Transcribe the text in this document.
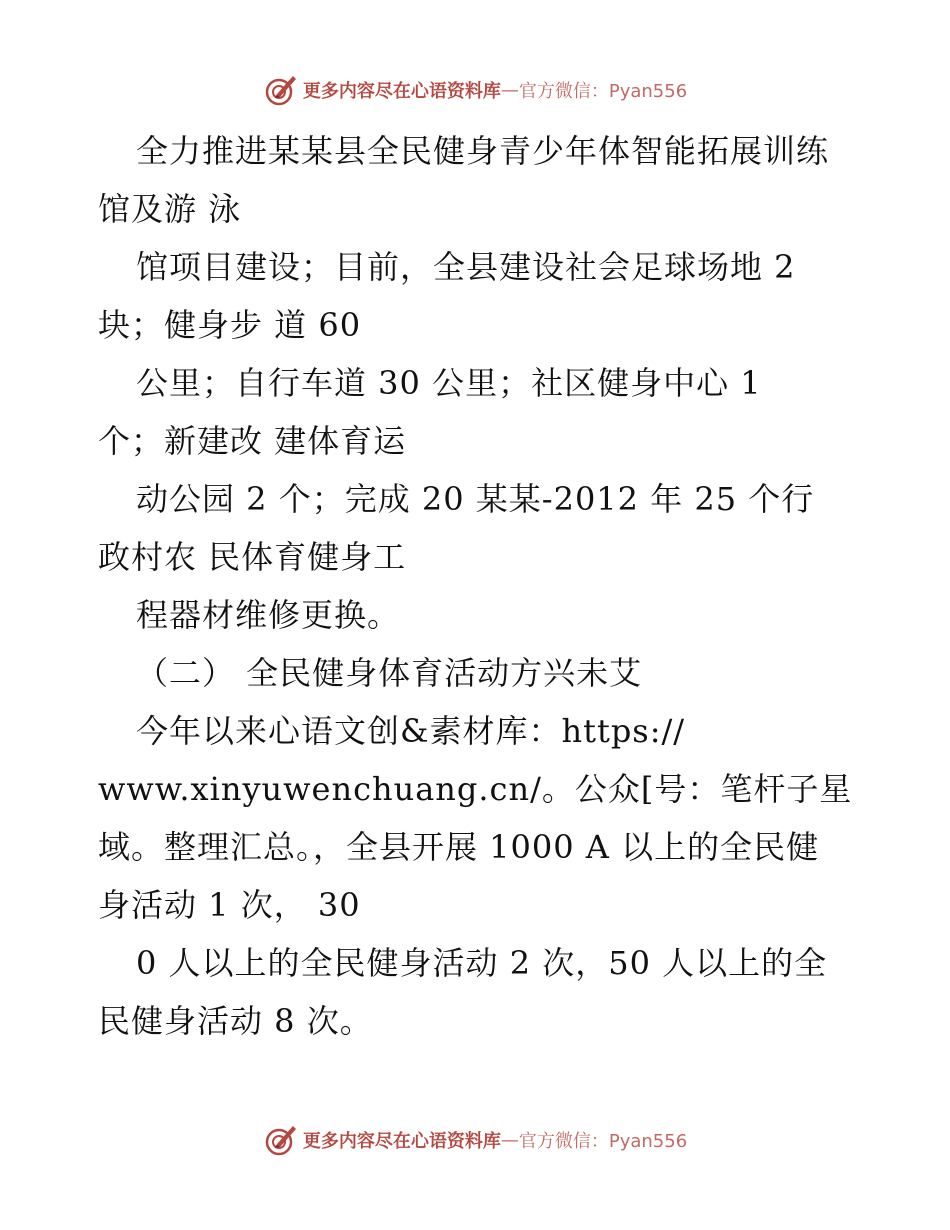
更多内容尽在心语资料库 — 官方微信：Pyan556
全力推进某某县全民健身青少年体智能拓展训练
馆及游 泳
馆项目建设；目前，全县建设社会足球场地 2
块；健身步 道 60
公里；自行车道 30 公里；社区健身中心 1
个；新建改 建体育运
动公园 2 个；完成 20 某某-2012 年 25 个行
政村农 民体育健身工
程器材维修更换。
（二） 全民健身体育活动方兴未艾
今年以来心语文创&素材库：https://
www.xinyuwenchuang.cn/。公众[号：笔杆子星
域。整理汇总。，全县开展 1000 A 以上的全民健
身活动 1 次， 30
0 人以上的全民健身活动 2 次，50 人以上的全
民健身活动 8 次。
更多内容尽在心语资料库 — 官方微信：Pyan556
